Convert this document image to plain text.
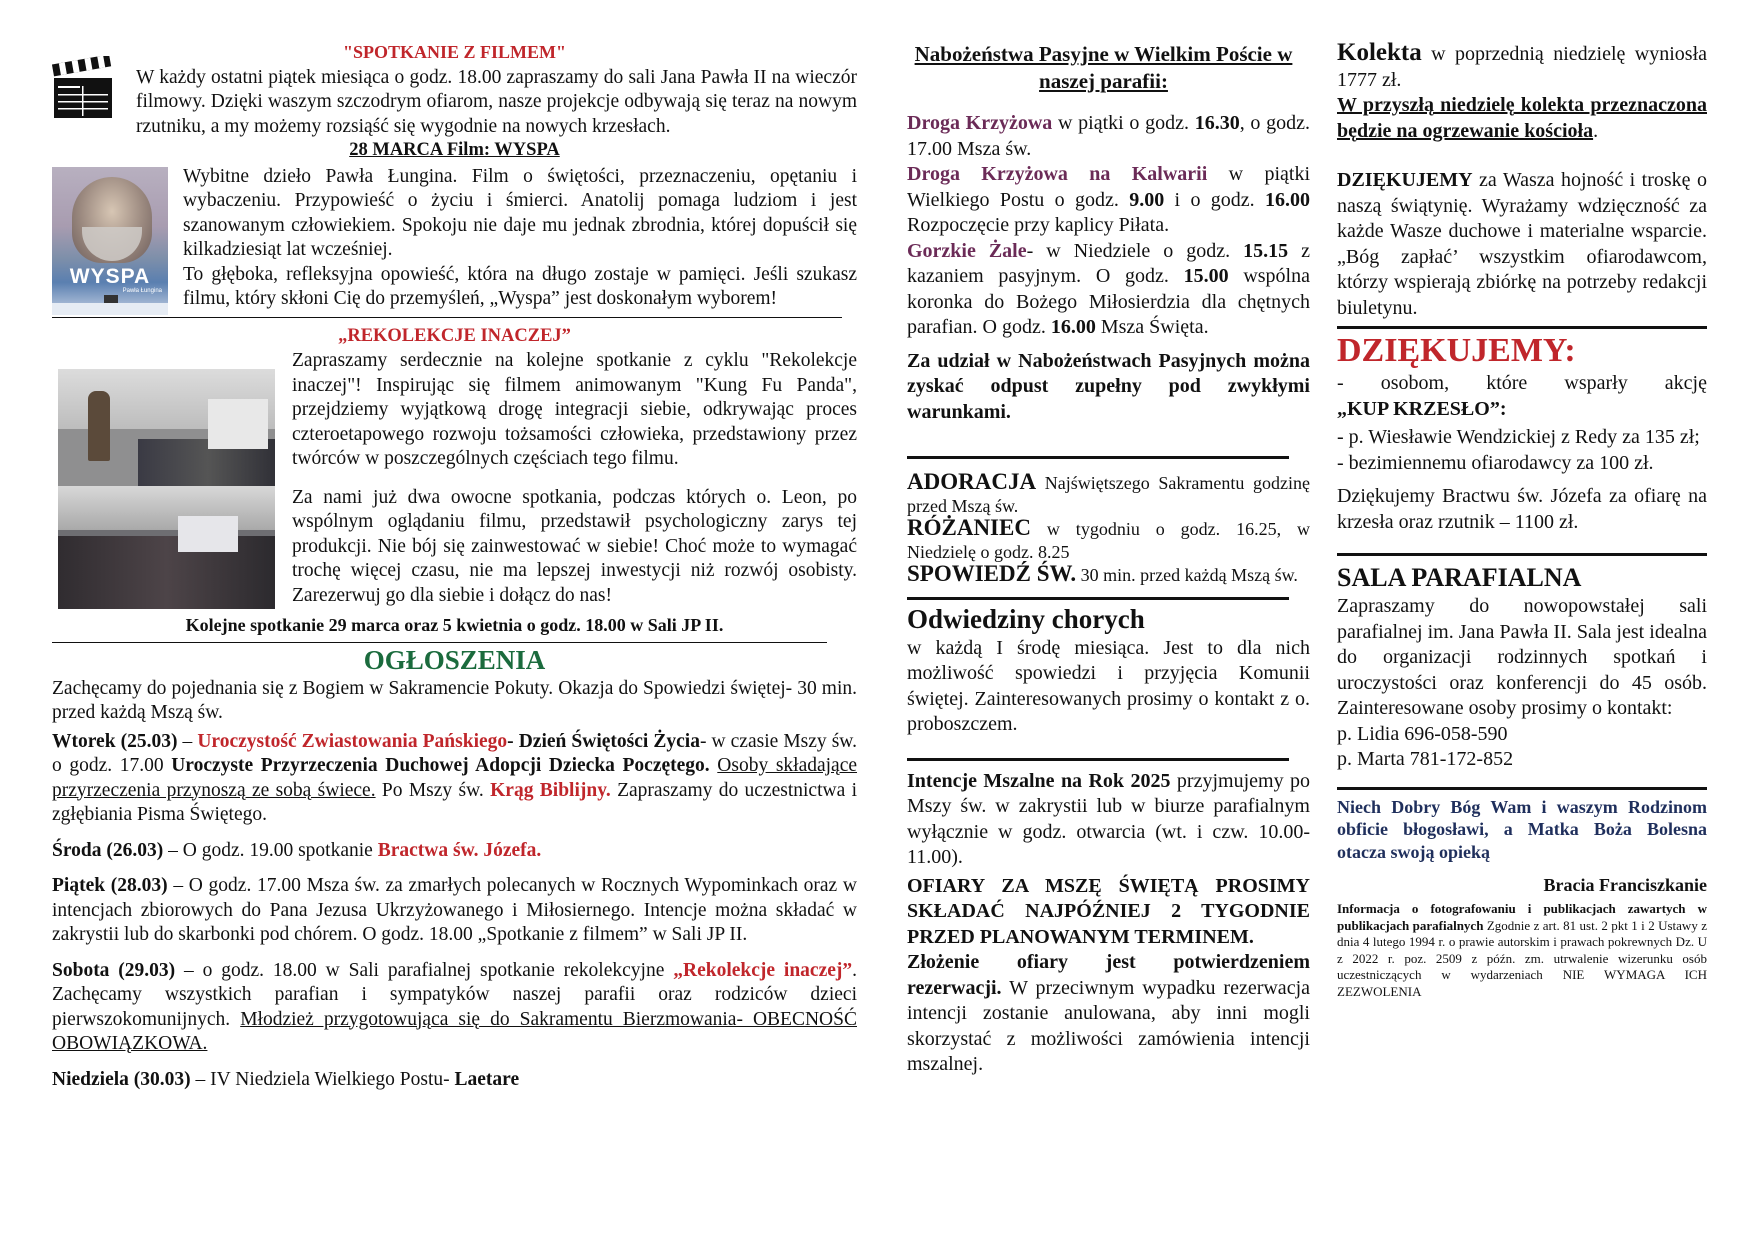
"SPOTKANIE Z FILMEM"

W każdy ostatni piątek miesiąca o godz. 18.00 zapraszamy do sali Jana Pawła II na wieczór filmowy. Dzięki waszym szczodrym ofiarom, nasze projekcje odbywają się teraz na nowym rzutniku, a my możemy rozsiąść się wygodnie na nowych krzesłach.

28 MARCA Film: WYSPA

WYSPA
Pawła Łungina

Wybitne dzieło Pawła Łungina. Film o świętości, przeznaczeniu, opętaniu i wybaczeniu. Przypowieść o życiu i śmierci. Anatolij pomaga ludziom i jest szanowanym człowiekiem. Spokoju nie daje mu jednak zbrodnia, której dopuścił się kilkadziesiąt lat wcześniej.

To głęboka, refleksyjna opowieść, która na długo zostaje w pamięci. Jeśli szukasz filmu, który skłoni Cię do przemyśleń, „Wyspa” jest doskonałym wyborem!

„REKOLEKCJE INACZEJ”

Zapraszamy serdecznie na kolejne spotkanie z cyklu "Rekolekcje inaczej"! Inspirując się filmem animowanym "Kung Fu Panda", przejdziemy wyjątkową drogę integracji siebie, odkrywając proces czteroetapowego rozwoju tożsamości człowieka, przedstawiony przez twórców w poszczególnych częściach tego filmu.

Za nami już dwa owocne spotkania, podczas których o. Leon, po wspólnym oglądaniu filmu, przedstawił psychologiczny zarys tej produkcji. Nie bój się zainwestować w siebie! Choć może to wymagać trochę więcej czasu, nie ma lepszej inwestycji niż rozwój osobisty. Zarezerwuj go dla siebie i dołącz do nas!

Kolejne spotkanie 29 marca oraz 5 kwietnia o godz. 18.00 w Sali JP II.

OGŁOSZENIA

Zachęcamy do pojednania się z Bogiem w Sakramencie Pokuty. Okazja do Spowiedzi świętej- 30 min. przed każdą Mszą św.

Wtorek (25.03) – Uroczystość Zwiastowania Pańskiego- Dzień Świętości Życia- w czasie Mszy św. o godz. 17.00 Uroczyste Przyrzeczenia Duchowej Adopcji Dziecka Poczętego. Osoby składające przyrzeczenia przynoszą ze sobą świece. Po Mszy św. Krąg Biblijny. Zapraszamy do uczestnictwa i zgłębiania Pisma Świętego.

Środa (26.03) – O godz. 19.00 spotkanie Bractwa św. Józefa.

Piątek (28.03) – O godz. 17.00 Msza św. za zmarłych polecanych w Rocznych Wypominkach oraz w intencjach zbiorowych do Pana Jezusa Ukrzyżowanego i Miłosiernego. Intencje można składać w zakrystii lub do skarbonki pod chórem. O godz. 18.00 „Spotkanie z filmem” w Sali JP II.

Sobota (29.03) – o godz. 18.00 w Sali parafialnej spotkanie rekolekcyjne „Rekolekcje inaczej”. Zachęcamy wszystkich parafian i sympatyków naszej parafii oraz rodziców dzieci pierwszokomunijnych. Młodzież przygotowująca się do Sakramentu Bierzmowania- OBECNOŚĆ OBOWIĄZKOWA.

Niedziela (30.03) – IV Niedziela Wielkiego Postu- Laetare

Nabożeństwa Pasyjne w Wielkim Poście w naszej parafii:

Droga Krzyżowa w piątki o godz. 16.30, o godz. 17.00 Msza św.

Droga Krzyżowa na Kalwarii w piątki Wielkiego Postu o godz. 9.00 i o godz. 16.00 Rozpoczęcie przy kaplicy Piłata.

Gorzkie Żale- w Niedziele o godz. 15.15 z kazaniem pasyjnym. O godz. 15.00 wspólna koronka do Bożego Miłosierdzia dla chętnych parafian. O godz. 16.00 Msza Święta.

Za udział w Nabożeństwach Pasyjnych można zyskać odpust zupełny pod zwykłymi warunkami.

ADORACJA Najświętszego Sakramentu godzinę przed Mszą św.

RÓŻANIEC w tygodniu o godz. 16.25, w Niedzielę o godz. 8.25

SPOWIEDŹ ŚW. 30 min. przed każdą Mszą św.

Odwiedziny chorych

w każdą I środę miesiąca. Jest to dla nich możliwość spowiedzi i przyjęcia Komunii świętej. Zainteresowanych prosimy o kontakt z o. proboszczem.

Intencje Mszalne na Rok 2025 przyjmujemy po Mszy św. w zakrystii lub w biurze parafialnym wyłącznie w godz. otwarcia (wt. i czw. 10.00-11.00).

OFIARY ZA MSZĘ ŚWIĘTĄ PROSIMY SKŁADAĆ NAJPÓŹNIEJ 2 TYGODNIE PRZED PLANOWANYM TERMINEM.

Złożenie ofiary jest potwierdzeniem rezerwacji. W przeciwnym wypadku rezerwacja intencji zostanie anulowana, aby inni mogli skorzystać z możliwości zamówienia intencji mszalnej.

Kolekta w poprzednią niedzielę wyniosła 1777 zł.

W przyszłą niedzielę kolekta przeznaczona będzie na ogrzewanie kościoła.

DZIĘKUJEMY za Wasza hojność i troskę o naszą świątynię. Wyrażamy wdzięczność za każde Wasze duchowe i materialne wsparcie. „Bóg zapłać’ wszystkim ofiarodawcom, którzy wspierają zbiórkę na potrzeby redakcji biuletynu.

DZIĘKUJEMY:

- osobom, które wsparły akcję

„KUP KRZESŁO”:

- p. Wiesławie Wendzickiej z Redy za 135 zł;

- bezimiennemu ofiarodawcy za 100 zł.

Dziękujemy Bractwu św. Józefa za ofiarę na krzesła oraz rzutnik – 1100 zł.

SALA PARAFIALNA

Zapraszamy do nowopowstałej sali parafialnej im. Jana Pawła II. Sala jest idealna do organizacji rodzinnych spotkań i uroczystości oraz konferencji do 45 osób. Zainteresowane osoby prosimy o kontakt:

p. Lidia 696-058-590

p. Marta 781-172-852

Niech Dobry Bóg Wam i waszym Rodzinom obficie błogosławi, a Matka Boża Bolesna otacza swoją opieką

Bracia Franciszkanie

Informacja o fotografowaniu i publikacjach zawartych w publikacjach parafialnych Zgodnie z art. 81 ust. 2 pkt 1 i 2 Ustawy z dnia 4 lutego 1994 r. o prawie autorskim i prawach pokrewnych Dz. U z 2022 r. poz. 2509 z późn. zm. utrwalenie wizerunku osób uczestniczących w wydarzeniach NIE WYMAGA ICH ZEZWOLENIA
